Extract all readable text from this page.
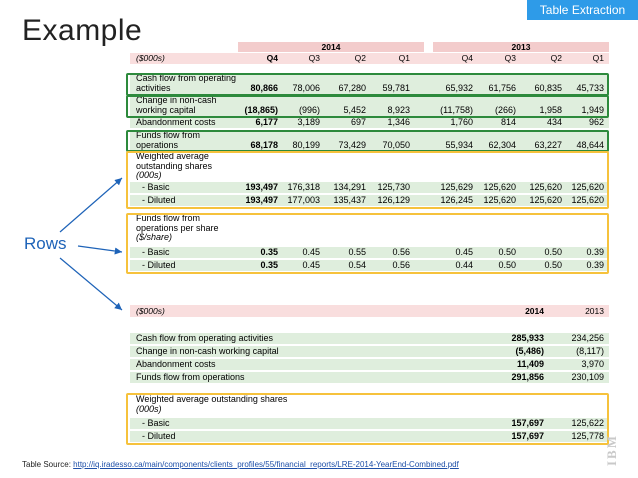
Table Extraction
Example
Rows
2014	2013
($000s)	Q4	Q3	Q2	Q1	Q4	Q3	Q2	Q1
Cash flow from operating
activities	80,866	78,006	67,280	59,781	65,932	61,756	60,835	45,733
Change in non-cash
working capital	(18,865)	(996)	5,452	8,923	(11,758)	(266)	1,958	1,949
Abandonment costs	6,177	3,189	697	1,346	1,760	814	434	962
Funds flow from
operations	68,178	80,199	73,429	70,050	55,934	62,304	63,227	48,644
Weighted average
outstanding shares
(000s)
- Basic	193,497	176,318	134,291	125,730	125,629	125,620	125,620	125,620
- Diluted	193,497	177,003	135,437	126,129	126,245	125,620	125,620	125,620
Funds flow from
operations per share
($/share)
- Basic	0.35	0.45	0.55	0.56	0.45	0.50	0.50	0.39
- Diluted	0.35	0.45	0.54	0.56	0.44	0.50	0.50	0.39
($000s)	2014	2013
Cash flow from operating activities	285,933	234,256
Change in non-cash working capital	(5,486)	(8,117)
Abandonment costs	11,409	3,970
Funds flow from operations	291,856	230,109
Weighted average outstanding shares
(000s)
- Basic	157,697	125,622
- Diluted	157,697	125,778 IBM
Table Source: http://iq.iradesso.ca/main/components/clients_profiles/55/financial_reports/LRE-2014-YearEnd-Combined.pdf
